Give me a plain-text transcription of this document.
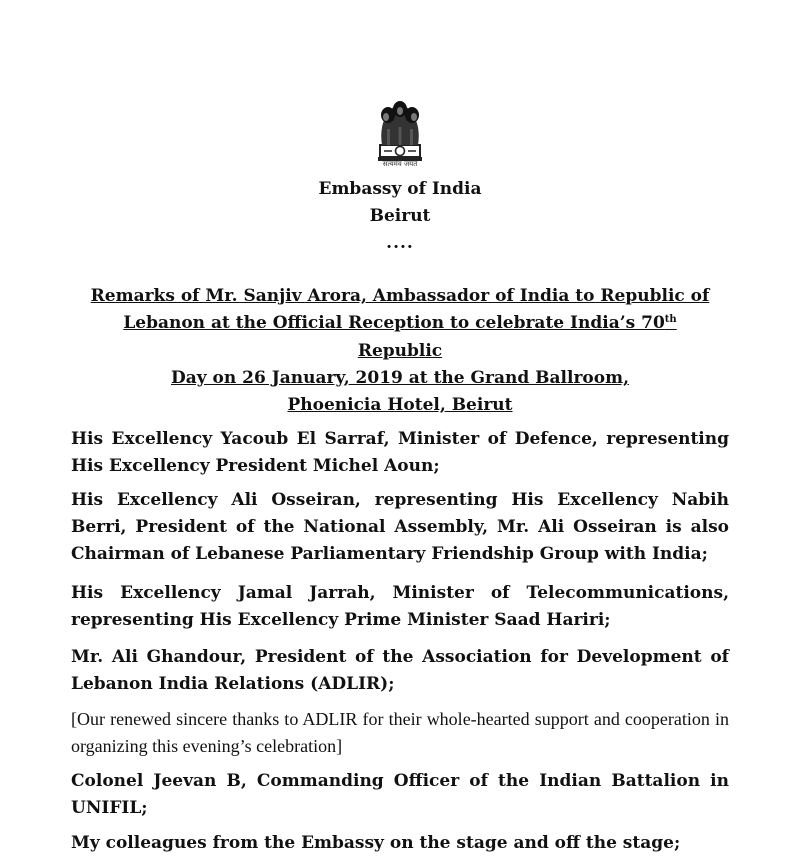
सत्यमेव जयते
Embassy of India
Beirut
....
Remarks of Mr. Sanjiv Arora, Ambassador of India to Republic of
Lebanon at the Official Reception to celebrate India’s 70th Republic
Day on 26 January, 2019 at the Grand Ballroom,
Phoenicia Hotel, Beirut
His Excellency Yacoub El Sarraf, Minister of Defence, representing His Excellency President Michel Aoun;
His Excellency Ali Osseiran, representing His Excellency Nabih Berri, President of the National Assembly, Mr. Ali Osseiran is also Chairman of Lebanese Parliamentary Friendship Group with India;
His Excellency Jamal Jarrah, Minister of Telecommunications, representing His Excellency Prime Minister Saad Hariri;
Mr. Ali Ghandour, President of the Association for Development of Lebanon India Relations (ADLIR);
[Our renewed sincere thanks to ADLIR for their whole-hearted support and cooperation in organizing this evening’s celebration]
Colonel Jeevan B, Commanding Officer of the Indian Battalion in UNIFIL;
My colleagues from the Embassy on the stage and off the stage;
